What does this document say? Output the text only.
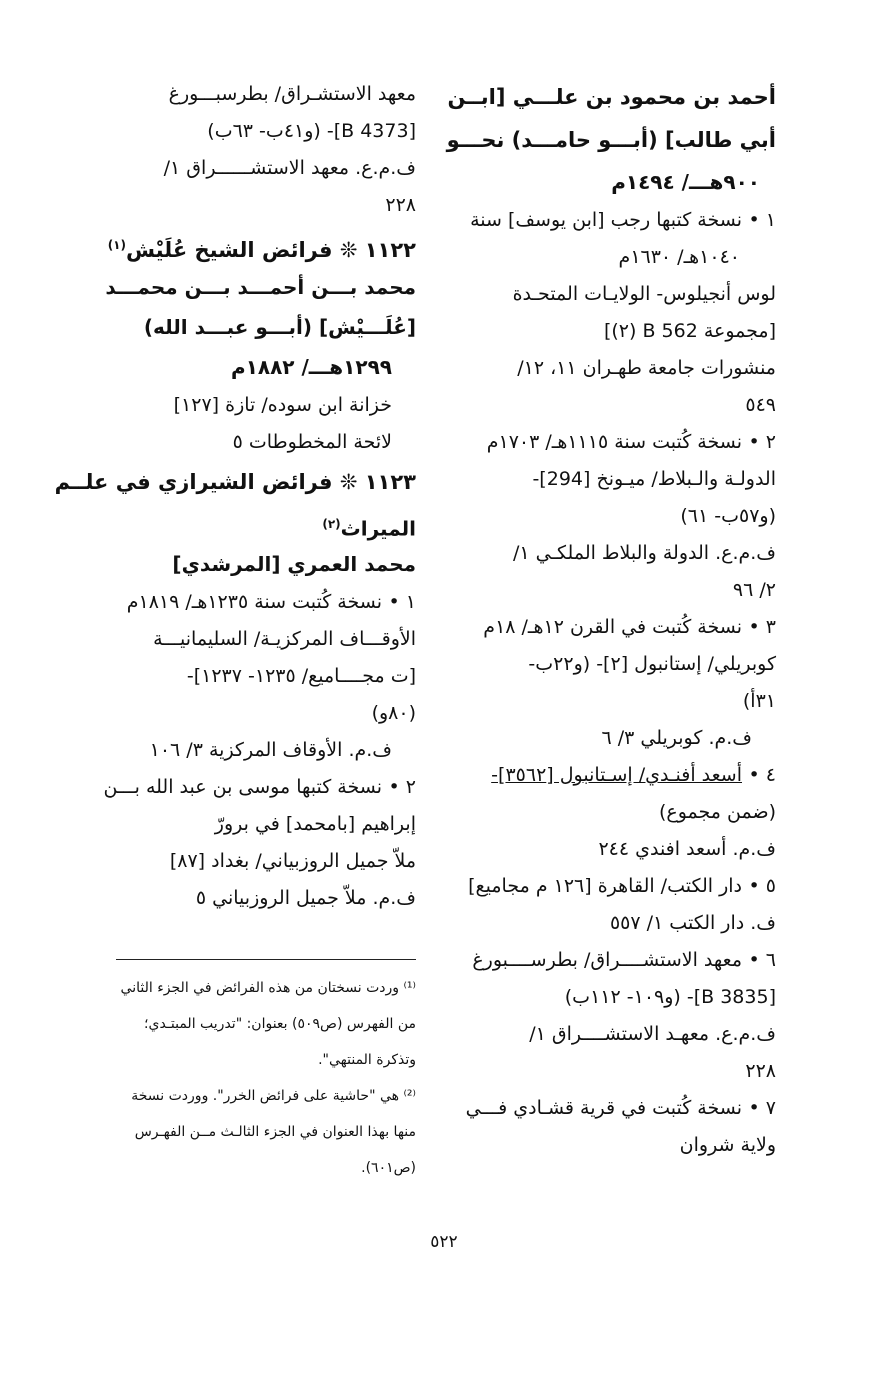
أحمد بن محمود بن علـــي [ابــن
أبي طالب] (أبـــو حامـــد) نحـــو
٩٠٠هـــ/ ١٤٩٤م
١ •نسخة كتبها رجب [ابن يوسف] سنة
١٠٤٠هـ/ ١٦٣٠م
لوس أنجيلوس- الولايـات المتحـدة
[مجموعة B 562 (٢)]
منشورات جامعة طهـران ١١، ١٢/
٥٤٩
٢ •نسخة كُتبت سنة ١١١٥هـ/ ١٧٠٣م
الدولـة والـبلاط/ ميـونخ [294]-
(و٥٧ب- ٦١)
ف.م.ع. الدولة والبلاط الملكـي ١/
٢/ ٩٦
٣ •نسخة كُتبت في القرن ١٢هـ/ ١٨م
كوبريلي/ إستانبول [٢]- (و٢٢ب-
٣١أ)
ف.م. كوبريلي ٣/ ٦
٤ •أسعد أفنـدي/ إسـتانبول [٣٥٦٢]-
(ضمن مجموع)
ف.م. أسعد افندي ٢٤٤
٥ •دار الكتب/ القاهرة [١٢٦ م مجاميع]
ف. دار الكتب ١/ ٥٥٧
٦ •معهد الاستشــــراق/ بطرســــبورغ
[B 3835]- (و١٠٩- ١١٢ب)
ف.م.ع. معهـد الاستشــــراق ١/
٢٢٨
٧ •نسخة كُتبت في قرية قشـادي فـــي
ولاية شروان
معهد الاستشـراق/ بطرسبـــورغ
[B 4373]- (و٤١ب- ٦٣ب)
ف.م.ع. معهد الاستشــــــراق ١/
٢٢٨
١١٢٢ ❊ فرائض الشيخ عُلَيْش$^{(١)}$
محمد بـــن أحمـــد بـــن محمـــد
[عُلَـــيْش] (أبـــو عبـــد الله)
١٢٩٩هـــ/ ١٨٨٢م
خزانة ابن سوده/ تازة [١٢٧]
لائحة المخطوطات ٥
١١٢٣ ❊ فرائض الشيرازي في علــم
الميراث$^{(٢)}$
محمد العمري [المرشدي]
١ •نسخة كُتبت سنة ١٢٣٥هـ/ ١٨١٩م
الأوقـــاف المركزيـة/ السليمانيـــة
[ت مجــــاميع/ ١٢٣٥- ١٢٣٧]-
(٨٠و)
ف.م. الأوقاف المركزية ٣/ ١٠٦
٢ •نسخة كتبها موسى بن عبد الله بـــن
إبراهيم [بامحمد] في برورّ
ملاّ جميل الروزبياني/ بغداد [٨٧]
ف.م. ملاّ جميل الروزبياني ٥
⁽¹⁾ وردت نسختان من هذه الفرائض في الجزء الثاني
من الفهرس (ص٥٠٩) بعنوان: "تدريب المبتـدي؛
وتذكرة المنتهي".
⁽²⁾ هي "حاشية على فرائض الخرر". ووردت نسخة
منها بهذا العنوان في الجزء الثالـث مــن الفهـرس
(ص٦٠١).
٥٢٢
